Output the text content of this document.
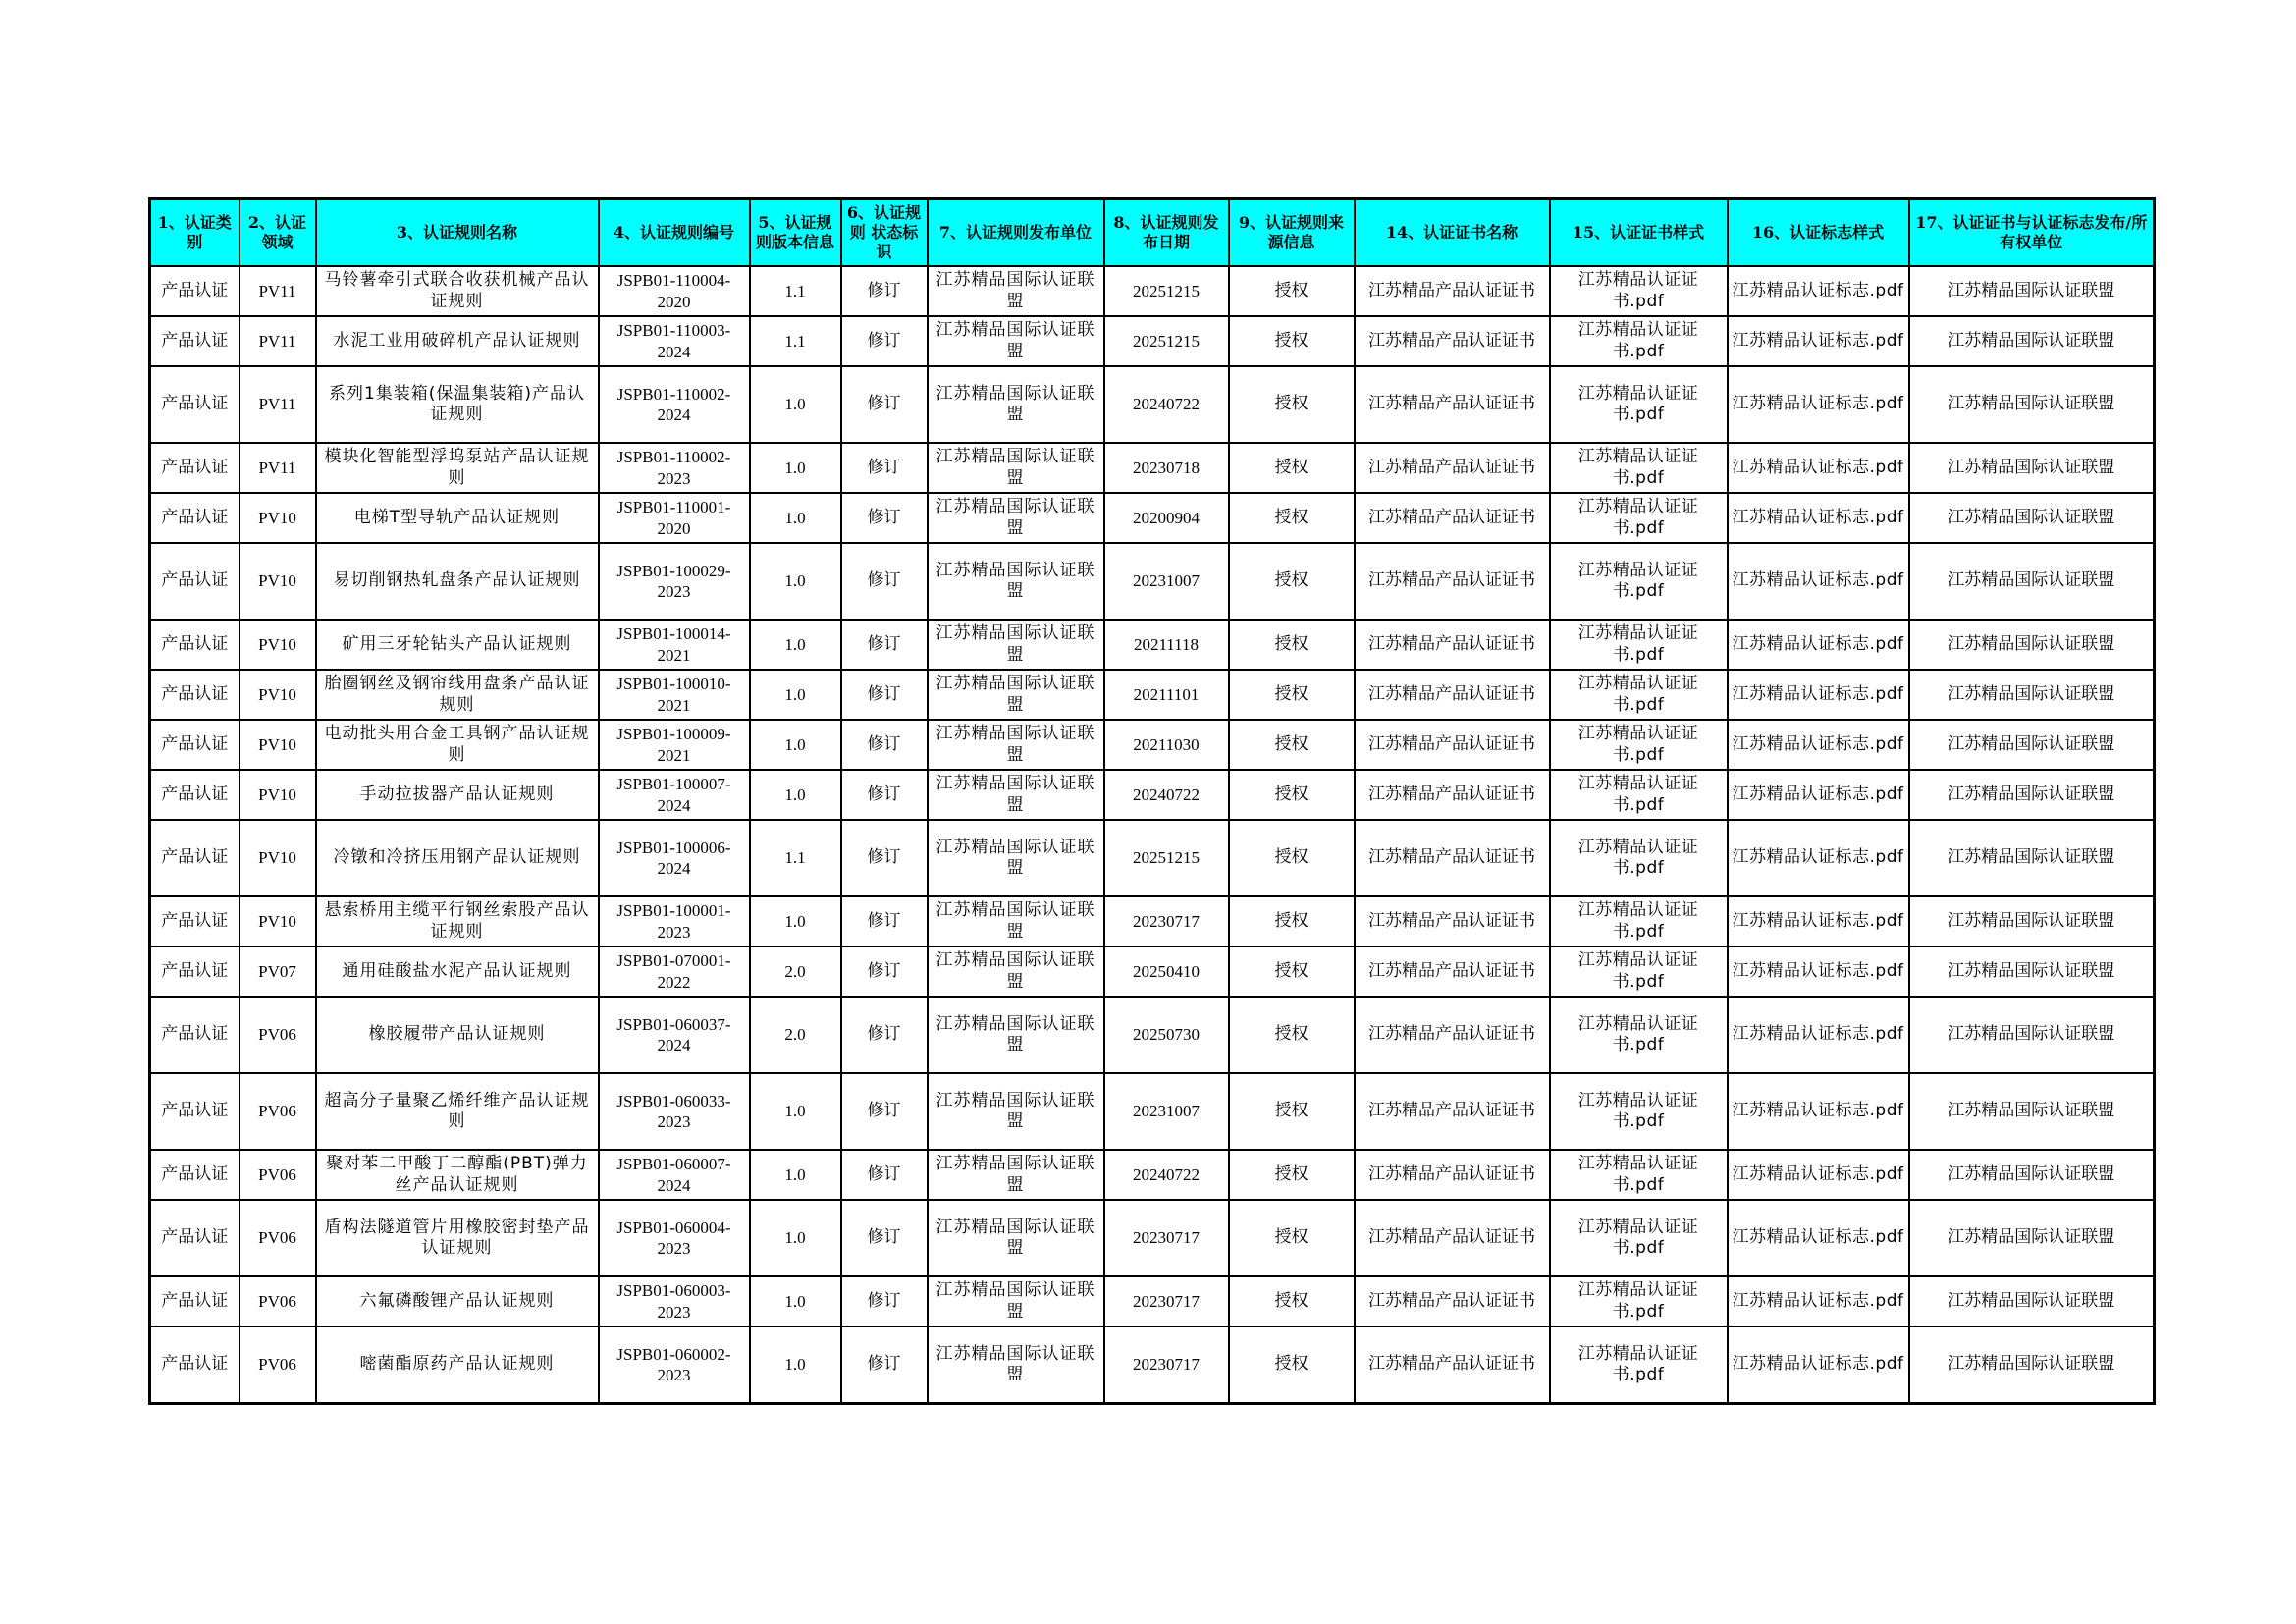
1、认证类别	2、认证领域	3、认证规则名称	4、认证规则编号	5、认证规则版本信息	6、认证规则 状态标识	7、认证规则发布单位	8、认证规则发布日期	9、认证规则来源信息	14、认证证书名称	15、认证证书样式	16、认证标志样式	17、认证证书与认证标志发布/所有权单位
产品认证	PV11	马铃薯牵引式联合收获机械产品认证规则	JSPB01-110004-2020	1.1	修订	江苏精品国际认证联盟	20251215	授权	江苏精品产品认证证书	江苏精品认证证书.pdf	江苏精品认证标志.pdf	江苏精品国际认证联盟
产品认证	PV11	水泥工业用破碎机产品认证规则	JSPB01-110003-2024	1.1	修订	江苏精品国际认证联盟	20251215	授权	江苏精品产品认证证书	江苏精品认证证书.pdf	江苏精品认证标志.pdf	江苏精品国际认证联盟
产品认证	PV11	系列1集装箱(保温集装箱)产品认证规则	JSPB01-110002-2024	1.0	修订	江苏精品国际认证联盟	20240722	授权	江苏精品产品认证证书	江苏精品认证证书.pdf	江苏精品认证标志.pdf	江苏精品国际认证联盟
产品认证	PV11	模块化智能型浮坞泵站产品认证规则	JSPB01-110002-2023	1.0	修订	江苏精品国际认证联盟	20230718	授权	江苏精品产品认证证书	江苏精品认证证书.pdf	江苏精品认证标志.pdf	江苏精品国际认证联盟
产品认证	PV10	电梯T型导轨产品认证规则	JSPB01-110001-2020	1.0	修订	江苏精品国际认证联盟	20200904	授权	江苏精品产品认证证书	江苏精品认证证书.pdf	江苏精品认证标志.pdf	江苏精品国际认证联盟
产品认证	PV10	易切削钢热轧盘条产品认证规则	JSPB01-100029-2023	1.0	修订	江苏精品国际认证联盟	20231007	授权	江苏精品产品认证证书	江苏精品认证证书.pdf	江苏精品认证标志.pdf	江苏精品国际认证联盟
产品认证	PV10	矿用三牙轮钻头产品认证规则	JSPB01-100014-2021	1.0	修订	江苏精品国际认证联盟	20211118	授权	江苏精品产品认证证书	江苏精品认证证书.pdf	江苏精品认证标志.pdf	江苏精品国际认证联盟
产品认证	PV10	胎圈钢丝及钢帘线用盘条产品认证规则	JSPB01-100010-2021	1.0	修订	江苏精品国际认证联盟	20211101	授权	江苏精品产品认证证书	江苏精品认证证书.pdf	江苏精品认证标志.pdf	江苏精品国际认证联盟
产品认证	PV10	电动批头用合金工具钢产品认证规则	JSPB01-100009-2021	1.0	修订	江苏精品国际认证联盟	20211030	授权	江苏精品产品认证证书	江苏精品认证证书.pdf	江苏精品认证标志.pdf	江苏精品国际认证联盟
产品认证	PV10	手动拉拔器产品认证规则	JSPB01-100007-2024	1.0	修订	江苏精品国际认证联盟	20240722	授权	江苏精品产品认证证书	江苏精品认证证书.pdf	江苏精品认证标志.pdf	江苏精品国际认证联盟
产品认证	PV10	冷镦和冷挤压用钢产品认证规则	JSPB01-100006-2024	1.1	修订	江苏精品国际认证联盟	20251215	授权	江苏精品产品认证证书	江苏精品认证证书.pdf	江苏精品认证标志.pdf	江苏精品国际认证联盟
产品认证	PV10	悬索桥用主缆平行钢丝索股产品认证规则	JSPB01-100001-2023	1.0	修订	江苏精品国际认证联盟	20230717	授权	江苏精品产品认证证书	江苏精品认证证书.pdf	江苏精品认证标志.pdf	江苏精品国际认证联盟
产品认证	PV07	通用硅酸盐水泥产品认证规则	JSPB01-070001-2022	2.0	修订	江苏精品国际认证联盟	20250410	授权	江苏精品产品认证证书	江苏精品认证证书.pdf	江苏精品认证标志.pdf	江苏精品国际认证联盟
产品认证	PV06	橡胶履带产品认证规则	JSPB01-060037-2024	2.0	修订	江苏精品国际认证联盟	20250730	授权	江苏精品产品认证证书	江苏精品认证证书.pdf	江苏精品认证标志.pdf	江苏精品国际认证联盟
产品认证	PV06	超高分子量聚乙烯纤维产品认证规则	JSPB01-060033-2023	1.0	修订	江苏精品国际认证联盟	20231007	授权	江苏精品产品认证证书	江苏精品认证证书.pdf	江苏精品认证标志.pdf	江苏精品国际认证联盟
产品认证	PV06	聚对苯二甲酸丁二醇酯(PBT)弹力丝产品认证规则	JSPB01-060007-2024	1.0	修订	江苏精品国际认证联盟	20240722	授权	江苏精品产品认证证书	江苏精品认证证书.pdf	江苏精品认证标志.pdf	江苏精品国际认证联盟
产品认证	PV06	盾构法隧道管片用橡胶密封垫产品认证规则	JSPB01-060004-2023	1.0	修订	江苏精品国际认证联盟	20230717	授权	江苏精品产品认证证书	江苏精品认证证书.pdf	江苏精品认证标志.pdf	江苏精品国际认证联盟
产品认证	PV06	六氟磷酸锂产品认证规则	JSPB01-060003-2023	1.0	修订	江苏精品国际认证联盟	20230717	授权	江苏精品产品认证证书	江苏精品认证证书.pdf	江苏精品认证标志.pdf	江苏精品国际认证联盟
产品认证	PV06	嘧菌酯原药产品认证规则	JSPB01-060002-2023	1.0	修订	江苏精品国际认证联盟	20230717	授权	江苏精品产品认证证书	江苏精品认证证书.pdf	江苏精品认证标志.pdf	江苏精品国际认证联盟
